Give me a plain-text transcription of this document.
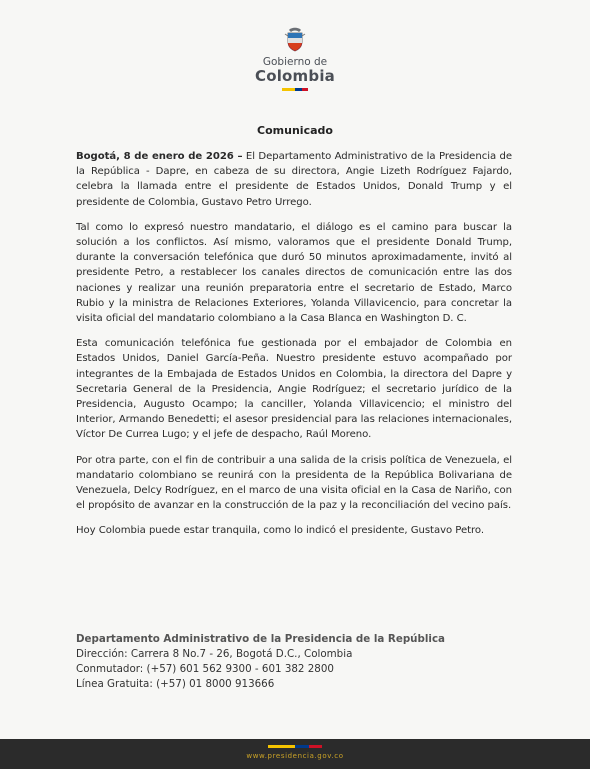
Gobierno de
Colombia
Comunicado

Bogotá, 8 de enero de 2026 – El Departamento Administrativo de la Presidencia de la República - Dapre, en cabeza de su directora, Angie Lizeth Rodríguez Fajardo, celebra la llamada entre el presidente de Estados Unidos, Donald Trump y el presidente de Colombia, Gustavo Petro Urrego.

Tal como lo expresó nuestro mandatario, el diálogo es el camino para buscar la solución a los conflictos. Así mismo, valoramos que el presidente Donald Trump, durante la conversación telefónica que duró 50 minutos aproximadamente, invitó al presidente Petro, a restablecer los canales directos de comunicación entre las dos naciones y realizar una reunión preparatoria entre el secretario de Estado, Marco Rubio y la ministra de Relaciones Exteriores, Yolanda Villavicencio, para concretar la visita oficial del mandatario colombiano a la Casa Blanca en Washington D. C.

Esta comunicación telefónica fue gestionada por el embajador de Colombia en Estados Unidos, Daniel García-Peña. Nuestro presidente estuvo acompañado por integrantes de la Embajada de Estados Unidos en Colombia, la directora del Dapre y Secretaria General de la Presidencia, Angie Rodríguez; el secretario jurídico de la Presidencia, Augusto Ocampo; la canciller, Yolanda Villavicencio; el ministro del Interior, Armando Benedetti; el asesor presidencial para las relaciones internacionales, Víctor De Currea Lugo; y el jefe de despacho, Raúl Moreno.

Por otra parte, con el fin de contribuir a una salida de la crisis política de Venezuela, el mandatario colombiano se reunirá con la presidenta de la República Bolivariana de Venezuela, Delcy Rodríguez, en el marco de una visita oficial en la Casa de Nariño, con el propósito de avanzar en la construcción de la paz y la reconciliación del vecino país.

Hoy Colombia puede estar tranquila, como lo indicó el presidente, Gustavo Petro.

Departamento Administrativo de la Presidencia de la República
Dirección: Carrera 8 No.7 - 26, Bogotá D.C., Colombia
Conmutador: (+57) 601 562 9300 - 601 382 2800
Línea Gratuita: (+57) 01 8000 913666
www.presidencia.gov.co
